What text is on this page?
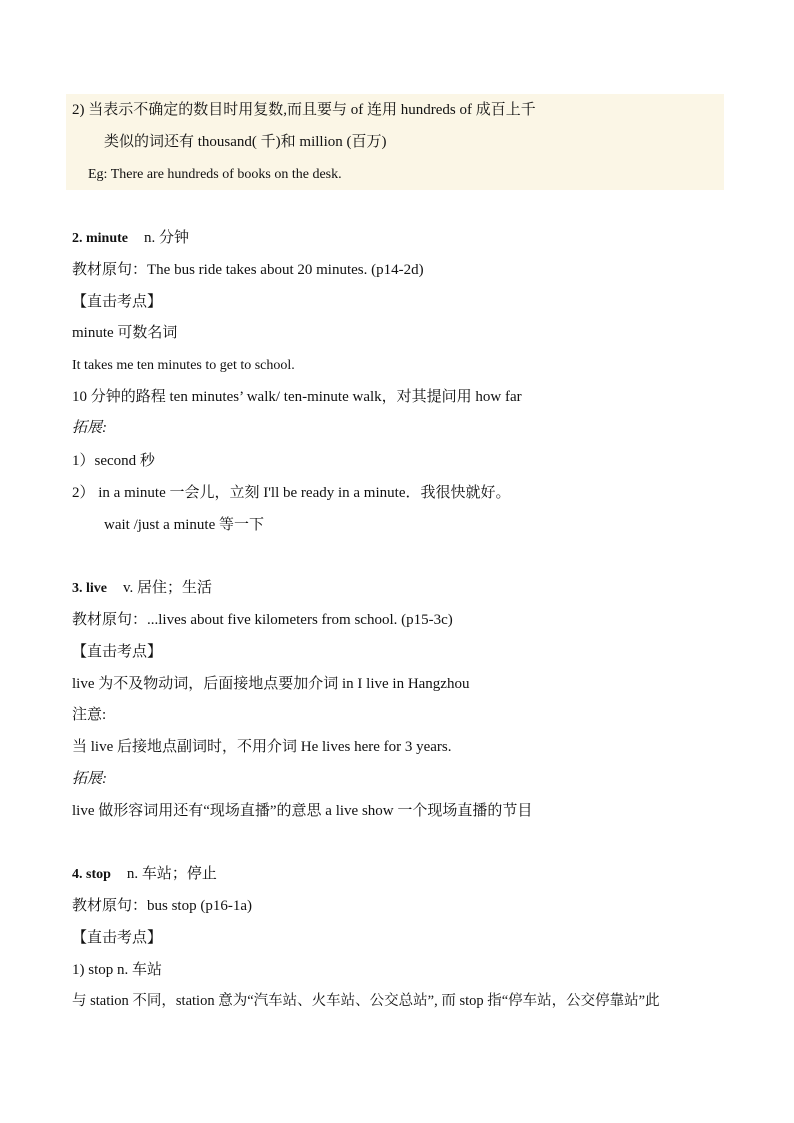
2) 当表示不确定的数目时用复数,而且要与 of 连用 hundreds of 成百上千
类似的词还有 thousand( 千)和 million (百万)
Eg: There are hundreds of books on the desk.
2. minute n. 分钟
教材原句：The bus ride takes about 20 minutes. (p14-2d)
【直击考点】
minute 可数名词
It takes me ten minutes to get to school.
10 分钟的路程 ten minutes’ walk/ ten-minute walk，对其提问用 how far
拓展:
1）second 秒
2） in a minute 一会儿，立刻 I'll be ready in a minute．我很快就好。
wait /just a minute 等一下
3. live v. 居住；生活
教材原句：...lives about five kilometers from school. (p15-3c)
【直击考点】
live 为不及物动词，后面接地点要加介词 in I live in Hangzhou
注意:
当 live 后接地点副词时，不用介词 He lives here for 3 years.
拓展:
live 做形容词用还有“现场直播”的意思 a live show 一个现场直播的节目
4. stop n. 车站；停止
教材原句：bus stop (p16-1a)
【直击考点】
1) stop n. 车站
与 station 不同，station 意为“汽车站、火车站、公交总站”, 而 stop 指“停车站，公交停靠站”此
